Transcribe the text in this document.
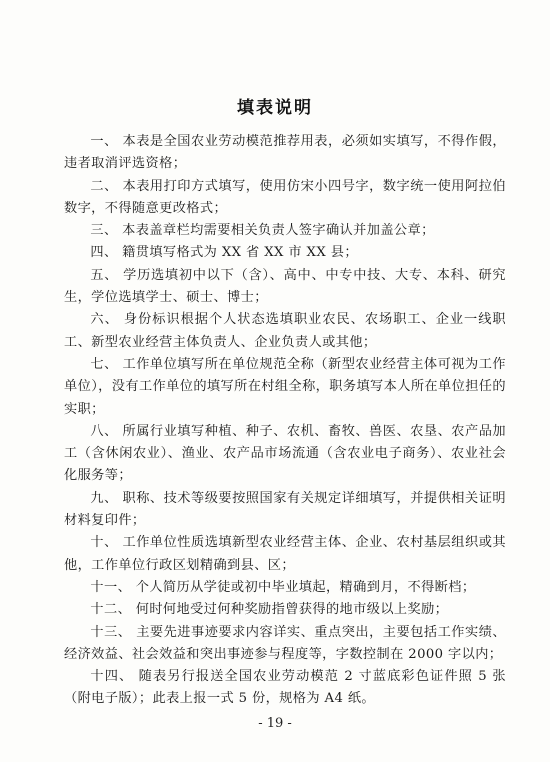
填表说明

一、 本表是全国农业劳动模范推荐用表，必须如实填写，不得作假，违者取消评选资格；

二、 本表用打印方式填写，使用仿宋小四号字，数字统一使用阿拉伯数字，不得随意更改格式；

三、 本表盖章栏均需要相关负责人签字确认并加盖公章；

四、 籍贯填写格式为 XX 省 XX 市 XX 县；

五、 学历选填初中以下（含）、高中、中专中技、大专、本科、研究生，学位选填学士、硕士、博士；

六、 身份标识根据个人状态选填职业农民、农场职工、企业一线职工、新型农业经营主体负责人、企业负责人或其他；

七、 工作单位填写所在单位规范全称（新型农业经营主体可视为工作单位），没有工作单位的填写所在村组全称，职务填写本人所在单位担任的实职；

八、 所属行业填写种植、种子、农机、畜牧、兽医、农垦、农产品加工（含休闲农业）、渔业、农产品市场流通（含农业电子商务）、农业社会化服务等；

九、 职称、技术等级要按照国家有关规定详细填写，并提供相关证明材料复印件；

十、 工作单位性质选填新型农业经营主体、企业、农村基层组织或其他，工作单位行政区划精确到县、区；

十一、 个人简历从学徒或初中毕业填起，精确到月，不得断档；

十二、 何时何地受过何种奖励指曾获得的地市级以上奖励；

十三、 主要先进事迹要求内容详实、重点突出，主要包括工作实绩、经济效益、社会效益和突出事迹参与程度等，字数控制在 2000 字以内；

十四、 随表另行报送全国农业劳动模范 2 寸蓝底彩色证件照 5 张（附电子版）；此表上报一式 5 份，规格为 A4 纸。

- 19 -
